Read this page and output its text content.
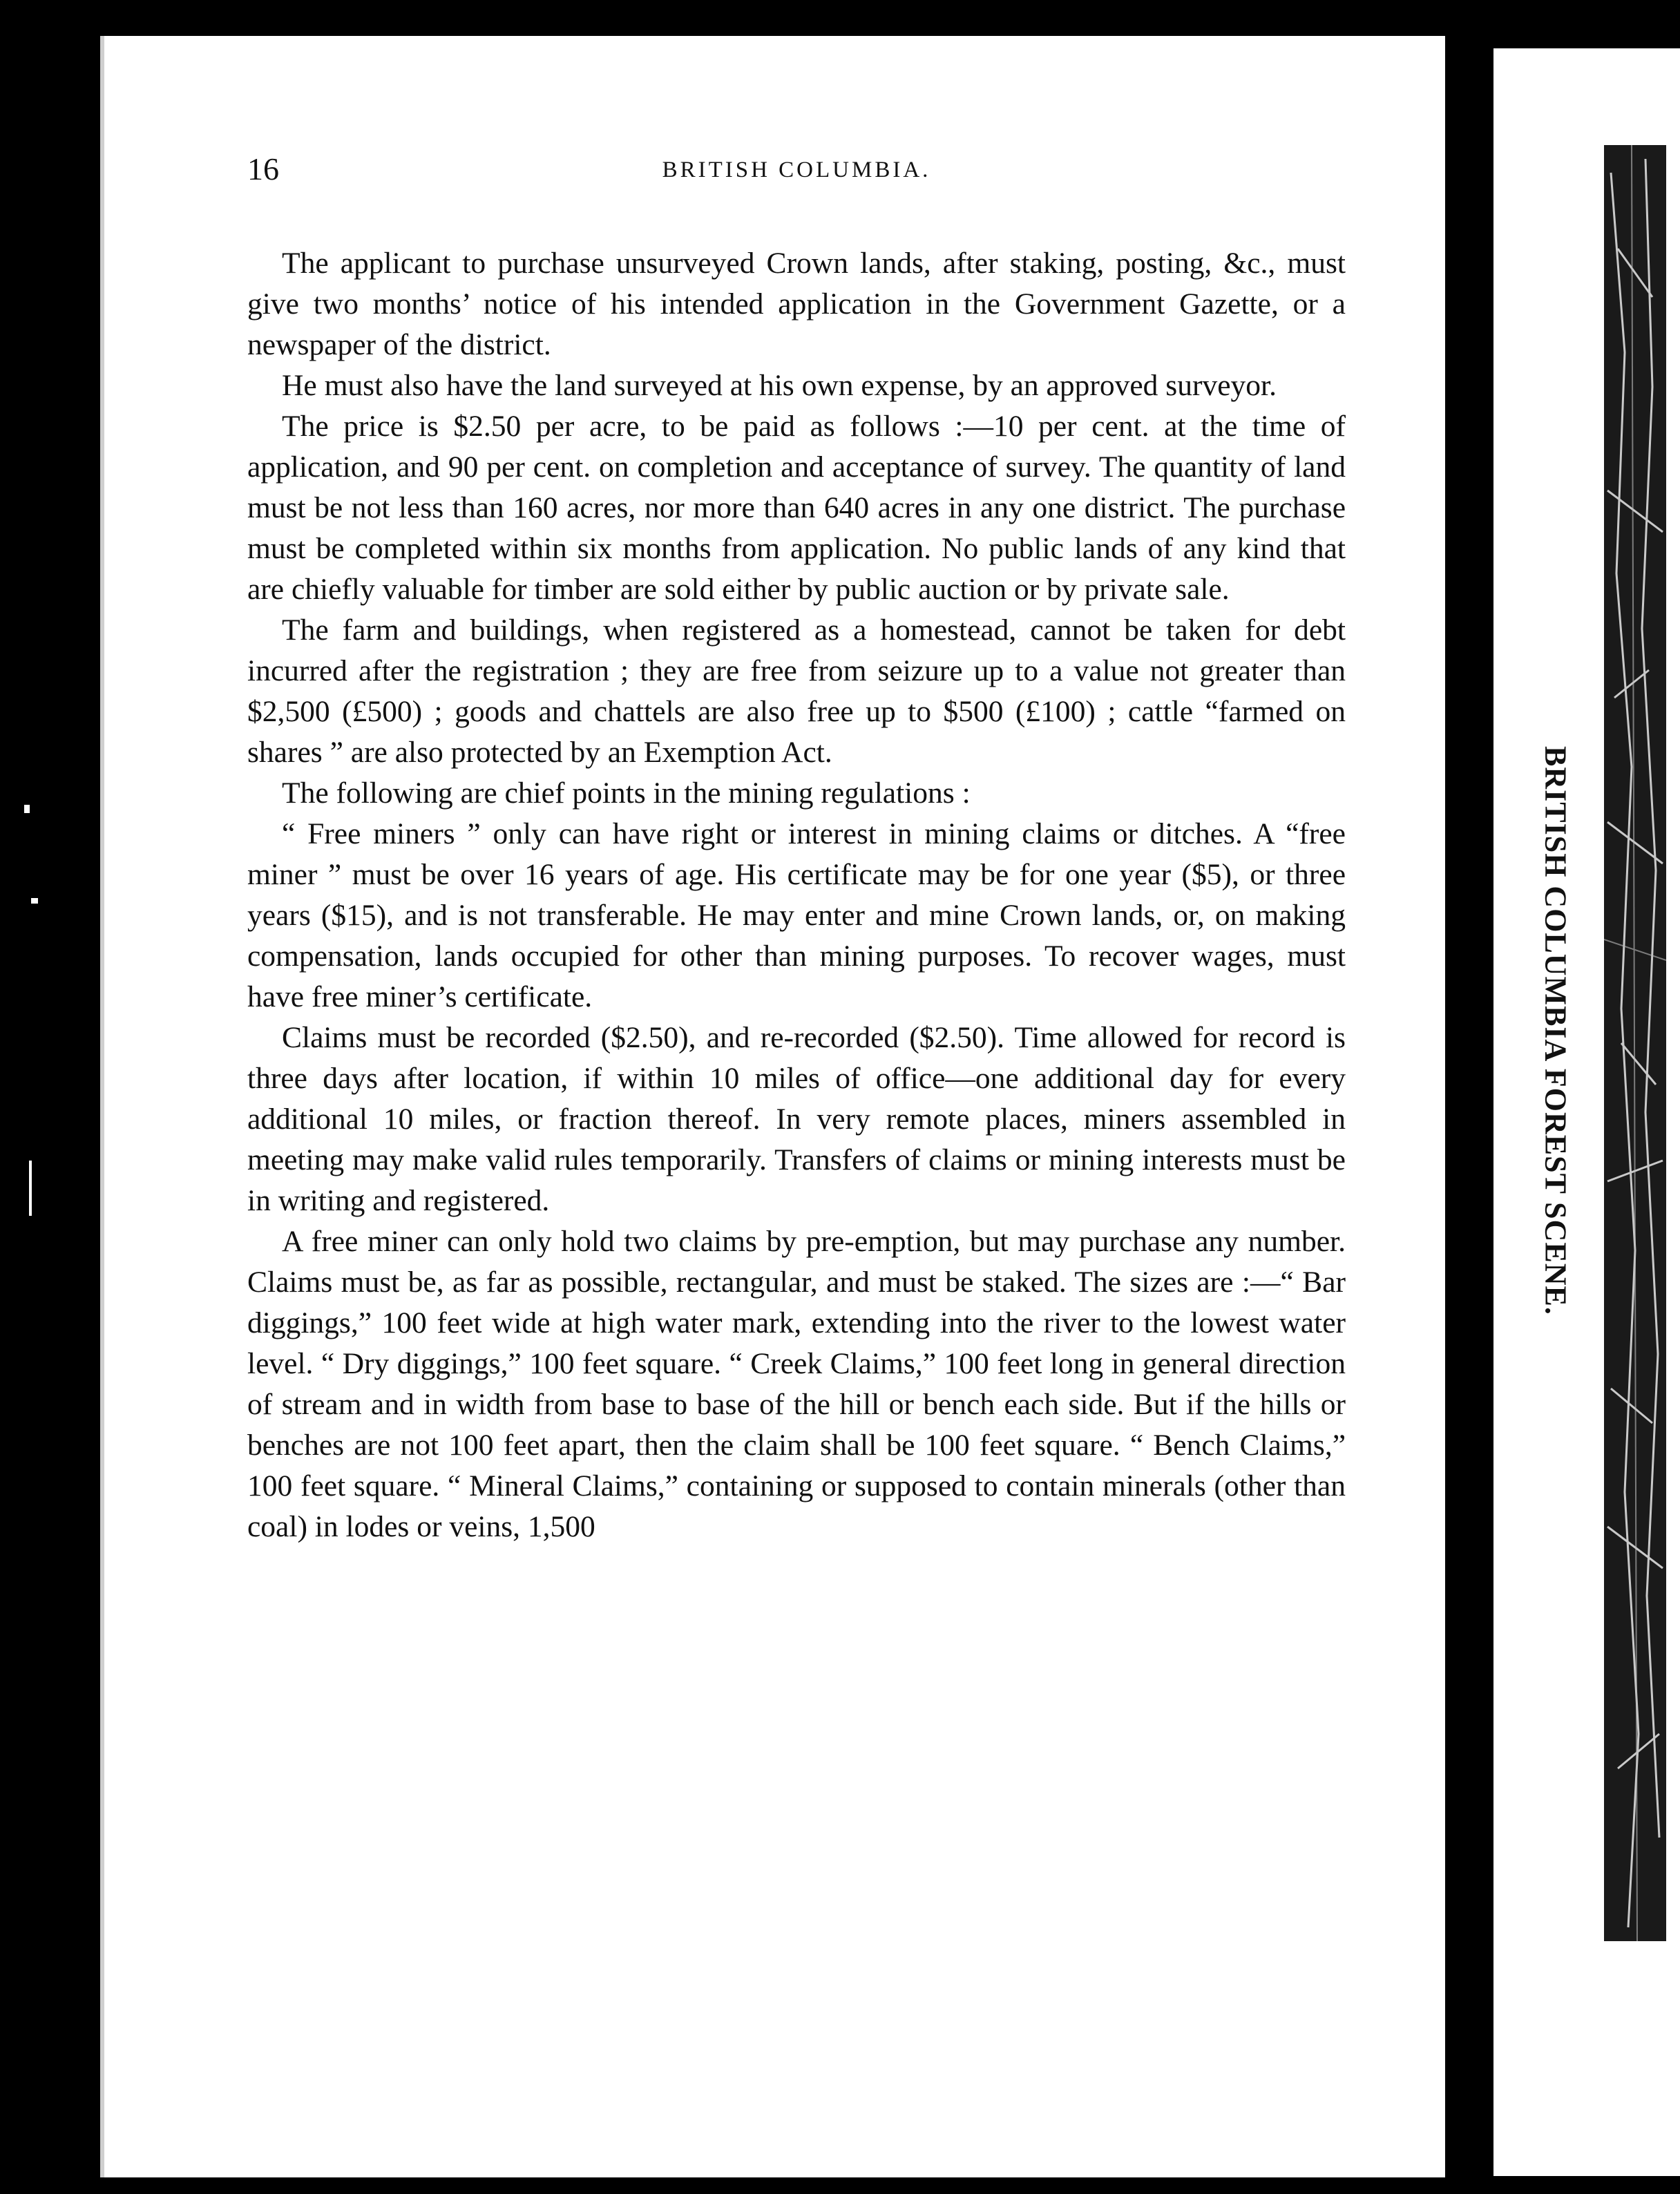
16	BRITISH COLUMBIA.

The applicant to purchase unsurveyed Crown lands, after staking, posting, &c., must give two months’ notice of his intended application in the Government Gazette, or a newspaper of the district.

He must also have the land surveyed at his own expense, by an approved surveyor.

The price is $2.50 per acre, to be paid as follows :—10 per cent. at the time of application, and 90 per cent. on completion and acceptance of survey. The quantity of land must be not less than 160 acres, nor more than 640 acres in any one district. The purchase must be completed within six months from application. No public lands of any kind that are chiefly valuable for timber are sold either by public auction or by private sale.

The farm and buildings, when registered as a homestead, cannot be taken for debt incurred after the registration ; they are free from seizure up to a value not greater than $2,500 (£500) ; goods and chattels are also free up to $500 (£100) ; cattle “farmed on shares ” are also protected by an Exemption Act.

The following are chief points in the mining regulations :

“ Free miners ” only can have right or interest in mining claims or ditches. A “free miner ” must be over 16 years of age. His certificate may be for one year ($5), or three years ($15), and is not transferable. He may enter and mine Crown lands, or, on making compensation, lands occupied for other than mining purposes. To recover wages, must have free miner’s certificate.

Claims must be recorded ($2.50), and re-recorded ($2.50). Time allowed for record is three days after location, if within 10 miles of office—one additional day for every additional 10 miles, or fraction thereof. In very remote places, miners assembled in meeting may make valid rules temporarily. Transfers of claims or mining interests must be in writing and registered.

A free miner can only hold two claims by pre-emption, but may purchase any number. Claims must be, as far as possible, rectangular, and must be staked. The sizes are :—“ Bar diggings,” 100 feet wide at high water mark, extending into the river to the lowest water level. “ Dry diggings,” 100 feet square. “ Creek Claims,” 100 feet long in general direction of stream and in width from base to base of the hill or bench each side. But if the hills or benches are not 100 feet apart, then the claim shall be 100 feet square. “ Bench Claims,” 100 feet square. “ Mineral Claims,” containing or supposed to contain minerals (other than coal) in lodes or veins, 1,500

BRITISH COLUMBIA FOREST SCENE.
